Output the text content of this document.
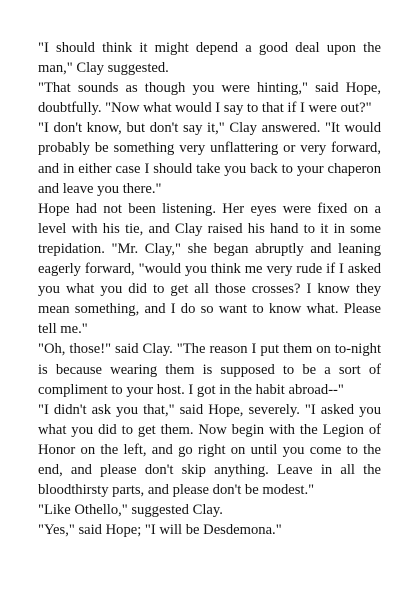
"I should think it might depend a good deal upon the man," Clay suggested.

"That sounds as though you were hinting," said Hope, doubtfully. "Now what would I say to that if I were out?"

"I don't know, but don't say it," Clay answered. "It would probably be something very unflattering or very forward, and in either case I should take you back to your chaperon and leave you there."

Hope had not been listening. Her eyes were fixed on a level with his tie, and Clay raised his hand to it in some trepidation. "Mr. Clay," she began abruptly and leaning eagerly forward, "would you think me very rude if I asked you what you did to get all those crosses? I know they mean something, and I do so want to know what. Please tell me."

"Oh, those!" said Clay. "The reason I put them on to-night is because wearing them is supposed to be a sort of compliment to your host. I got in the habit abroad--"

"I didn't ask you that," said Hope, severely. "I asked you what you did to get them. Now begin with the Legion of Honor on the left, and go right on until you come to the end, and please don't skip anything. Leave in all the bloodthirsty parts, and please don't be modest."

"Like Othello," suggested Clay.

"Yes," said Hope; "I will be Desdemona."
